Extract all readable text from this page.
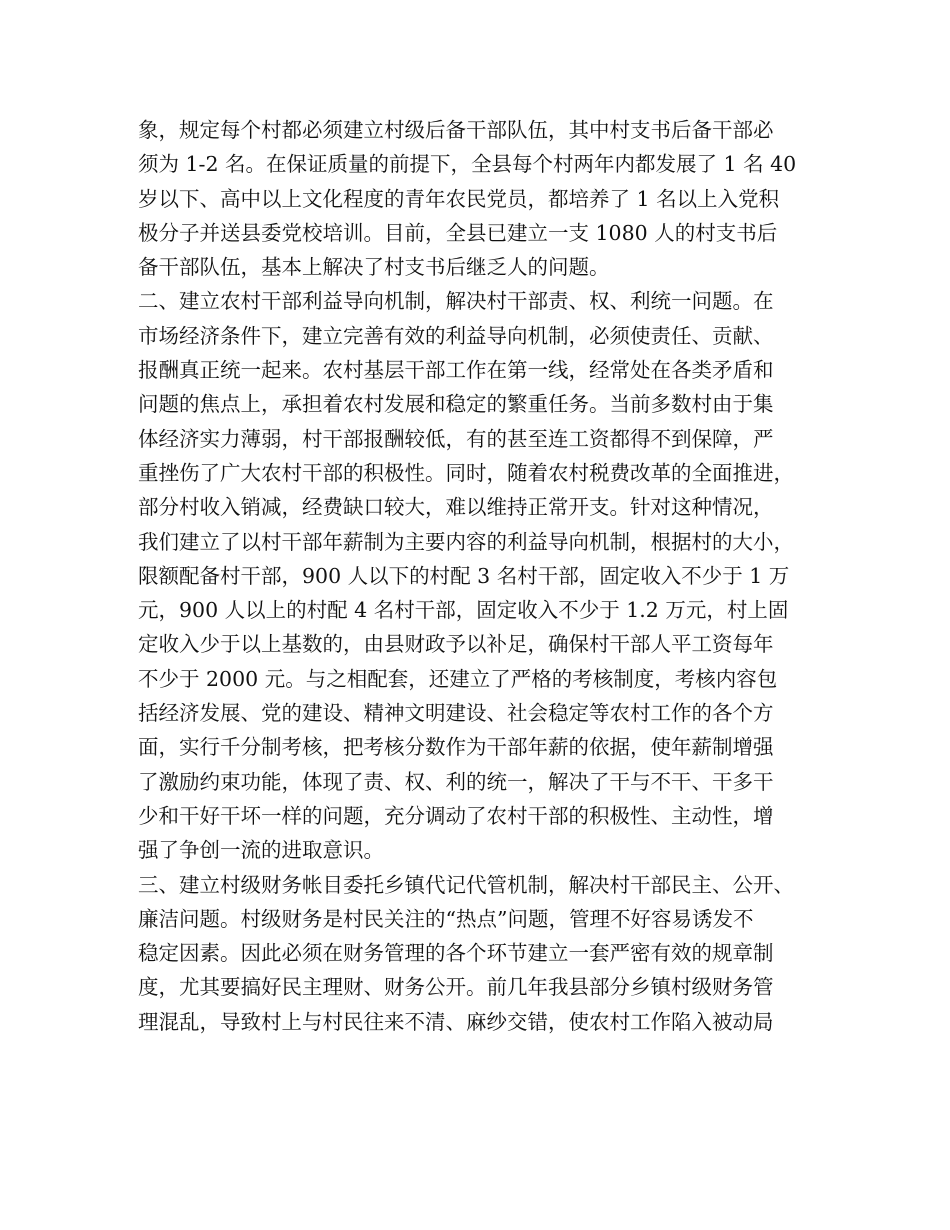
象，规定每个村都必须建立村级后备干部队伍，其中村支书后备干部必
须为 1-2 名。在保证质量的前提下，全县每个村两年内都发展了 1 名 40
岁以下、高中以上文化程度的青年农民党员，都培养了 1 名以上入党积
极分子并送县委党校培训。目前，全县已建立一支 1080 人的村支书后
备干部队伍，基本上解决了村支书后继乏人的问题。
二、建立农村干部利益导向机制，解决村干部责、权、利统一问题。在
市场经济条件下，建立完善有效的利益导向机制，必须使责任、贡献、
报酬真正统一起来。农村基层干部工作在第一线，经常处在各类矛盾和
问题的焦点上，承担着农村发展和稳定的繁重任务。当前多数村由于集
体经济实力薄弱，村干部报酬较低，有的甚至连工资都得不到保障，严
重挫伤了广大农村干部的积极性。同时，随着农村税费改革的全面推进，
部分村收入销减，经费缺口较大，难以维持正常开支。针对这种情况，
我们建立了以村干部年薪制为主要内容的利益导向机制，根据村的大小，
限额配备村干部，900 人以下的村配 3 名村干部，固定收入不少于 1 万
元，900 人以上的村配 4 名村干部，固定收入不少于 1.2 万元，村上固
定收入少于以上基数的，由县财政予以补足，确保村干部人平工资每年
不少于 2000 元。与之相配套，还建立了严格的考核制度，考核内容包
括经济发展、党的建设、精神文明建设、社会稳定等农村工作的各个方
面，实行千分制考核，把考核分数作为干部年薪的依据，使年薪制增强
了激励约束功能，体现了责、权、利的统一，解决了干与不干、干多干
少和干好干坏一样的问题，充分调动了农村干部的积极性、主动性，增
强了争创一流的进取意识。
三、建立村级财务帐目委托乡镇代记代管机制，解决村干部民主、公开、
廉洁问题。村级财务是村民关注的“热点”问题，管理不好容易诱发不
稳定因素。因此必须在财务管理的各个环节建立一套严密有效的规章制
度，尤其要搞好民主理财、财务公开。前几年我县部分乡镇村级财务管
理混乱，导致村上与村民往来不清、麻纱交错，使农村工作陷入被动局
